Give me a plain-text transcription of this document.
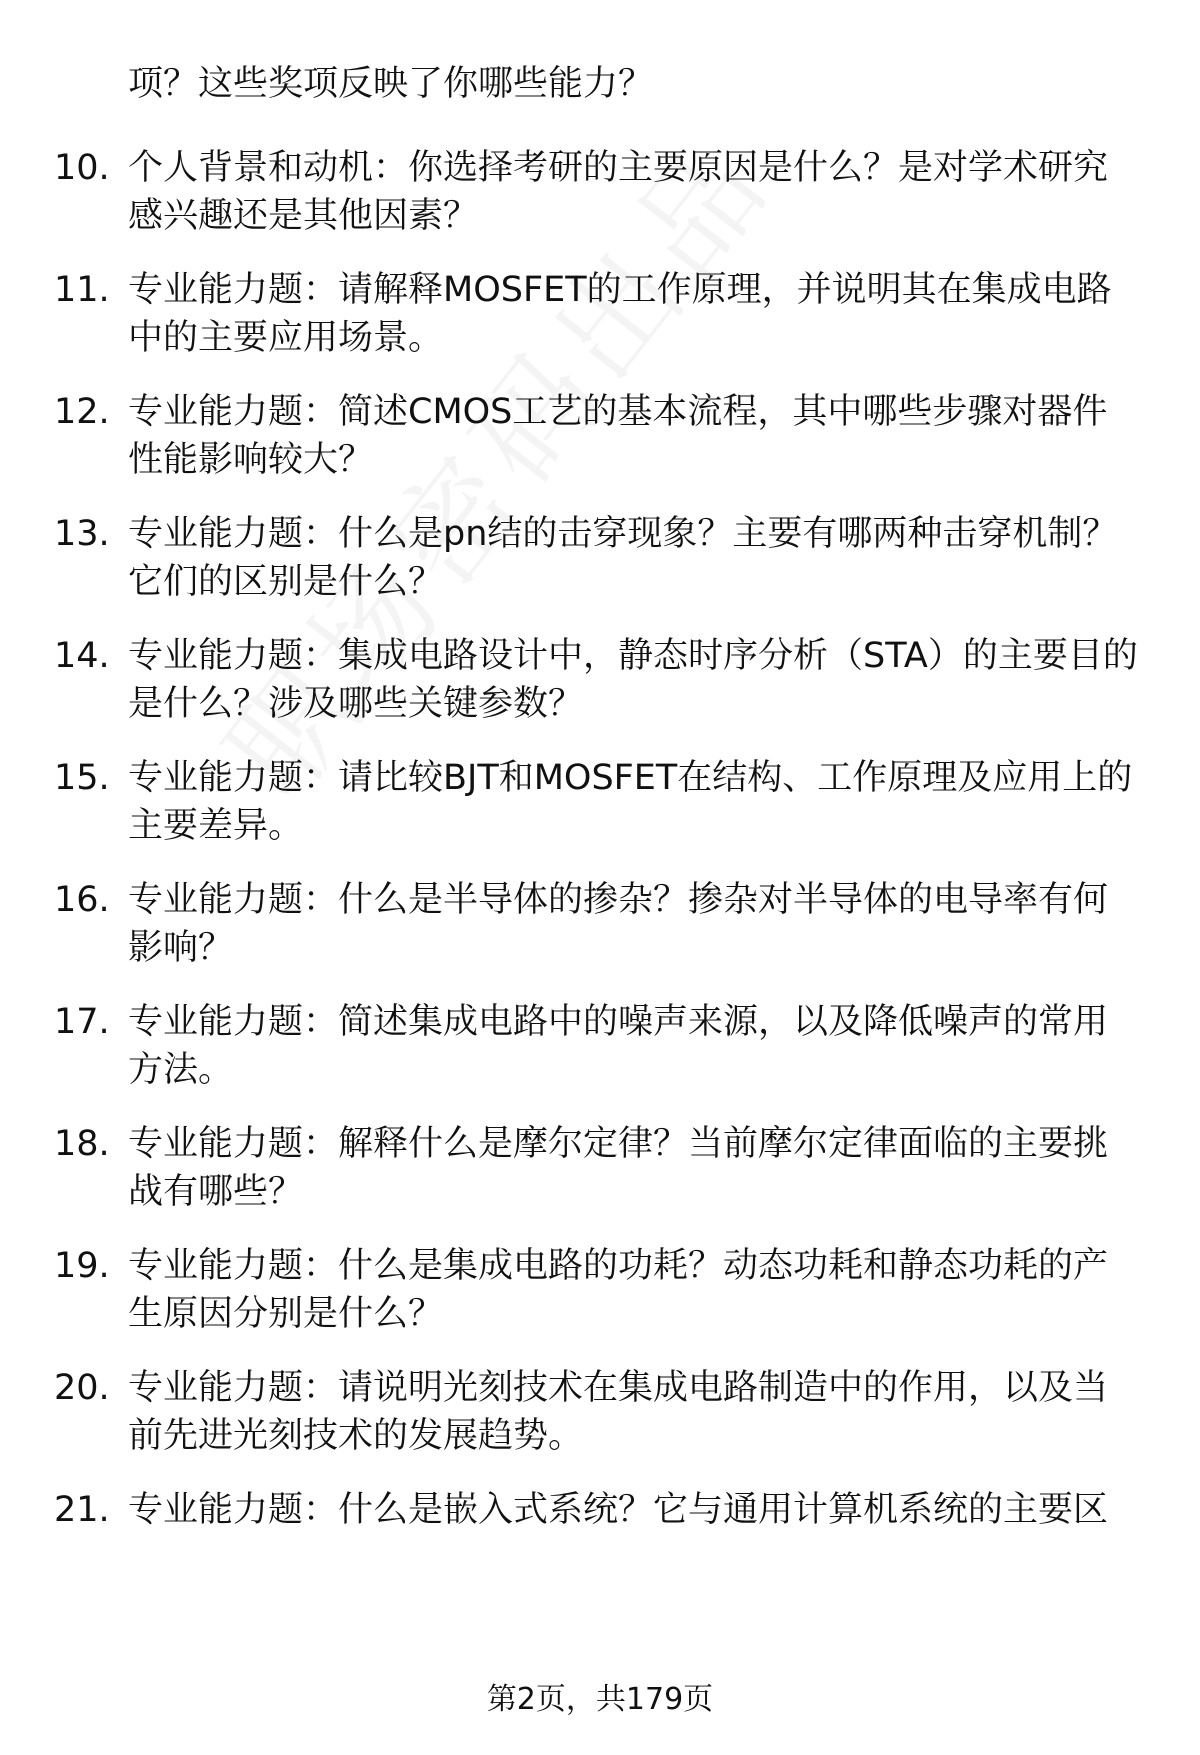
项？这些奖项反映了你哪些能力？
10. 个人背景和动机：你选择考研的主要原因是什么？是对学术研究感兴趣还是其他因素？
11. 专业能力题：请解释MOSFET的工作原理，并说明其在集成电路中的主要应用场景。
12. 专业能力题：简述CMOS工艺的基本流程，其中哪些步骤对器件性能影响较大？
13. 专业能力题：什么是pn结的击穿现象？主要有哪两种击穿机制？它们的区别是什么？
14. 专业能力题：集成电路设计中，静态时序分析（STA）的主要目的是什么？涉及哪些关键参数？
15. 专业能力题：请比较BJT和MOSFET在结构、工作原理及应用上的主要差异。
16. 专业能力题：什么是半导体的掺杂？掺杂对半导体的电导率有何影响？
17. 专业能力题：简述集成电路中的噪声来源，以及降低噪声的常用方法。
18. 专业能力题：解释什么是摩尔定律？当前摩尔定律面临的主要挑战有哪些？
19. 专业能力题：什么是集成电路的功耗？动态功耗和静态功耗的产生原因分别是什么？
20. 专业能力题：请说明光刻技术在集成电路制造中的作用，以及当前先进光刻技术的发展趋势。
21. 专业能力题：什么是嵌入式系统？它与通用计算机系统的主要区
第2页，共179页
